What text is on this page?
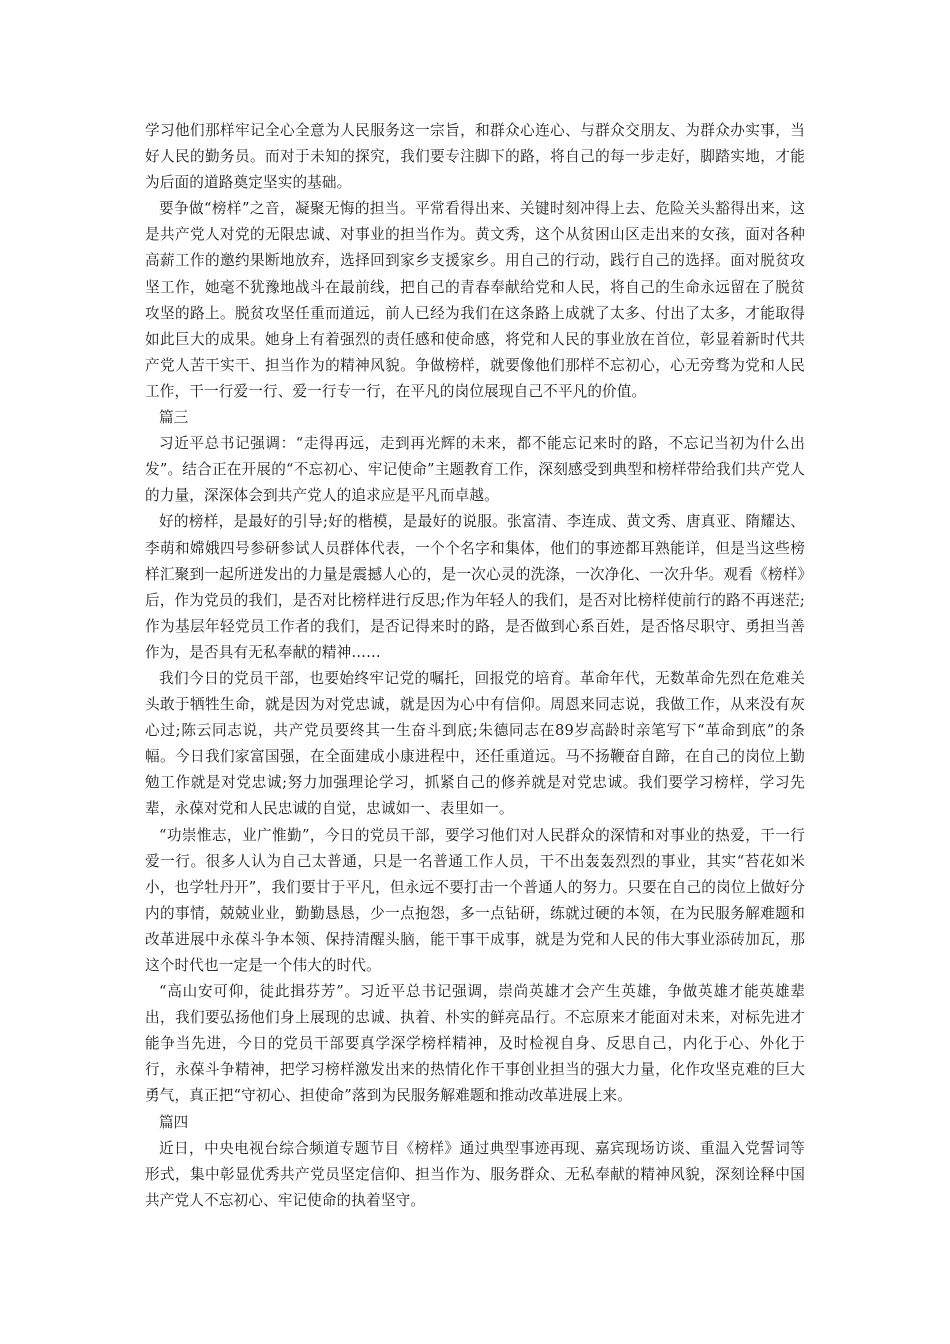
学习他们那样牢记全心全意为人民服务这一宗旨，和群众心连心、与群众交朋友、为群众办实事，当好人民的勤务员。而对于未知的探究，我们要专注脚下的路，将自己的每一步走好，脚踏实地，才能为后面的道路奠定坚实的基础。

要争做“榜样”之音，凝聚无悔的担当。平常看得出来、关键时刻冲得上去、危险关头豁得出来，这是共产党人对党的无限忠诚、对事业的担当作为。黄文秀，这个从贫困山区走出来的女孩，面对各种高薪工作的邀约果断地放弃，选择回到家乡支援家乡。用自己的行动，践行自己的选择。面对脱贫攻坚工作，她毫不犹豫地战斗在最前线，把自己的青春奉献给党和人民，将自己的生命永远留在了脱贫攻坚的路上。脱贫攻坚任重而道远，前人已经为我们在这条路上成就了太多、付出了太多，才能取得如此巨大的成果。她身上有着强烈的责任感和使命感，将党和人民的事业放在首位，彰显着新时代共产党人苦干实干、担当作为的精神风貌。争做榜样，就要像他们那样不忘初心，心无旁骛为党和人民工作，干一行爱一行、爱一行专一行，在平凡的岗位展现自己不平凡的价值。

篇三

习近平总书记强调：“走得再远，走到再光辉的未来，都不能忘记来时的路，不忘记当初为什么出发”。结合正在开展的“不忘初心、牢记使命”主题教育工作，深刻感受到典型和榜样带给我们共产党人的力量，深深体会到共产党人的追求应是平凡而卓越。

好的榜样，是最好的引导;好的楷模，是最好的说服。张富清、李连成、黄文秀、唐真亚、隋耀达、李萌和嫦娥四号参研参试人员群体代表，一个个名字和集体，他们的事迹都耳熟能详，但是当这些榜样汇聚到一起所迸发出的力量是震撼人心的，是一次心灵的洗涤，一次净化、一次升华。观看《榜样》后，作为党员的我们，是否对比榜样进行反思;作为年轻人的我们，是否对比榜样使前行的路不再迷茫;作为基层年轻党员工作者的我们，是否记得来时的路，是否做到心系百姓，是否恪尽职守、勇担当善作为，是否具有无私奉献的精神……

我们今日的党员干部，也要始终牢记党的嘱托，回报党的培育。革命年代，无数革命先烈在危难关头敢于牺牲生命，就是因为对党忠诚，就是因为心中有信仰。周恩来同志说，我做工作，从来没有灰心过;陈云同志说，共产党员要终其一生奋斗到底;朱德同志在89岁高龄时亲笔写下“革命到底”的条幅。今日我们家富国强，在全面建成小康进程中，还任重道远。马不扬鞭奋自蹄，在自己的岗位上勤勉工作就是对党忠诚;努力加强理论学习，抓紧自己的修养就是对党忠诚。我们要学习榜样，学习先辈，永葆对党和人民忠诚的自觉，忠诚如一、表里如一。

“功崇惟志，业广惟勤”，今日的党员干部，要学习他们对人民群众的深情和对事业的热爱，干一行爱一行。很多人认为自己太普通，只是一名普通工作人员，干不出轰轰烈烈的事业，其实“苔花如米小，也学牡丹开”，我们要甘于平凡，但永远不要打击一个普通人的努力。只要在自己的岗位上做好分内的事情，兢兢业业，勤勤恳恳，少一点抱怨，多一点钻研，练就过硬的本领，在为民服务解难题和改革进展中永葆斗争本领、保持清醒头脑，能干事干成事，就是为党和人民的伟大事业添砖加瓦，那这个时代也一定是一个伟大的时代。

“高山安可仰，徒此揖芬芳”。习近平总书记强调，崇尚英雄才会产生英雄，争做英雄才能英雄辈出，我们要弘扬他们身上展现的忠诚、执着、朴实的鲜亮品行。不忘原来才能面对未来，对标先进才能争当先进，今日的党员干部要真学深学榜样精神，及时检视自身、反思自己，内化于心、外化于行，永葆斗争精神，把学习榜样激发出来的热情化作干事创业担当的强大力量，化作攻坚克难的巨大勇气，真正把“守初心、担使命”落到为民服务解难题和推动改革进展上来。

篇四

近日，中央电视台综合频道专题节目《榜样》通过典型事迹再现、嘉宾现场访谈、重温入党誓词等形式，集中彰显优秀共产党员坚定信仰、担当作为、服务群众、无私奉献的精神风貌，深刻诠释中国共产党人不忘初心、牢记使命的执着坚守。
